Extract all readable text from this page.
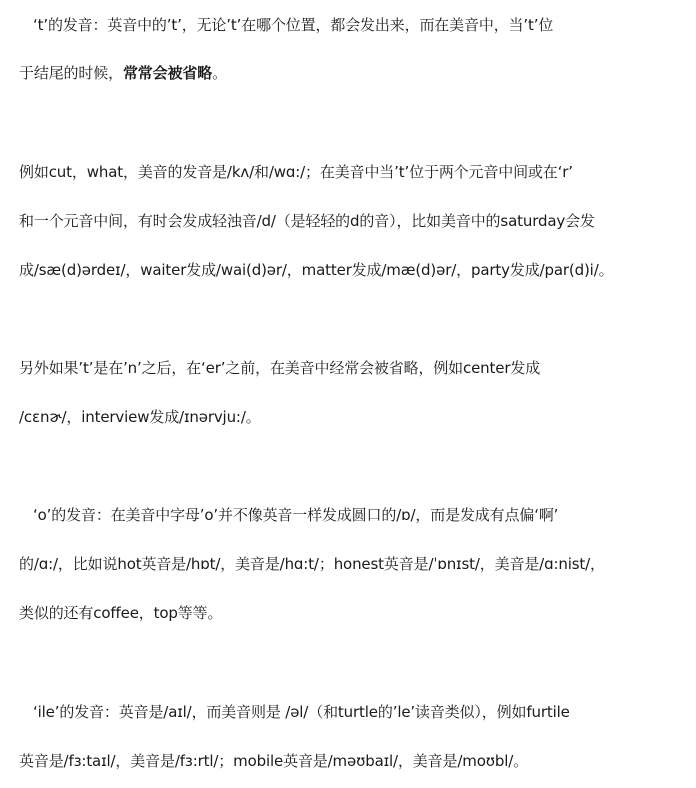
‘t’的发音：英音中的’t’，无论’t’在哪个位置，都会发出来，而在美音中，当’t’位
于结尾的时候，常常会被省略。
例如cut，what，美音的发音是/kʌ/和/wɑ:/；在美音中当’t’位于两个元音中间或在‘r’
和一个元音中间，有时会发成轻浊音/d/（是轻轻的d的音），比如美音中的saturday会发
成/sæ(d)ərdeɪ/，waiter发成/wai(d)ər/，matter发成/mæ(d)ər/，party发成/par(d)i/。
另外如果’t’是在’n’之后，在‘er’之前，在美音中经常会被省略，例如center发成
/cɛnɚ/，interview发成/ɪnərvju:/。
‘o’的发音：在美音中字母’o’并不像英音一样发成圆口的/ɒ/，而是发成有点偏‘啊’
的/ɑ:/，比如说hot英音是/hɒt/，美音是/hɑ:t/；honest英音是/ˈɒnɪst/，美音是/ɑ:nist/，
类似的还有coffee，top等等。
‘ile’的发音：英音是/aɪl/，而美音则是 /əl/（和turtle的’le’读音类似），例如furtile
英音是/fɜ:taɪl/，美音是/fɜ:rtl/；mobile英音是/məʊbaɪl/，美音是/moʊbl/。
